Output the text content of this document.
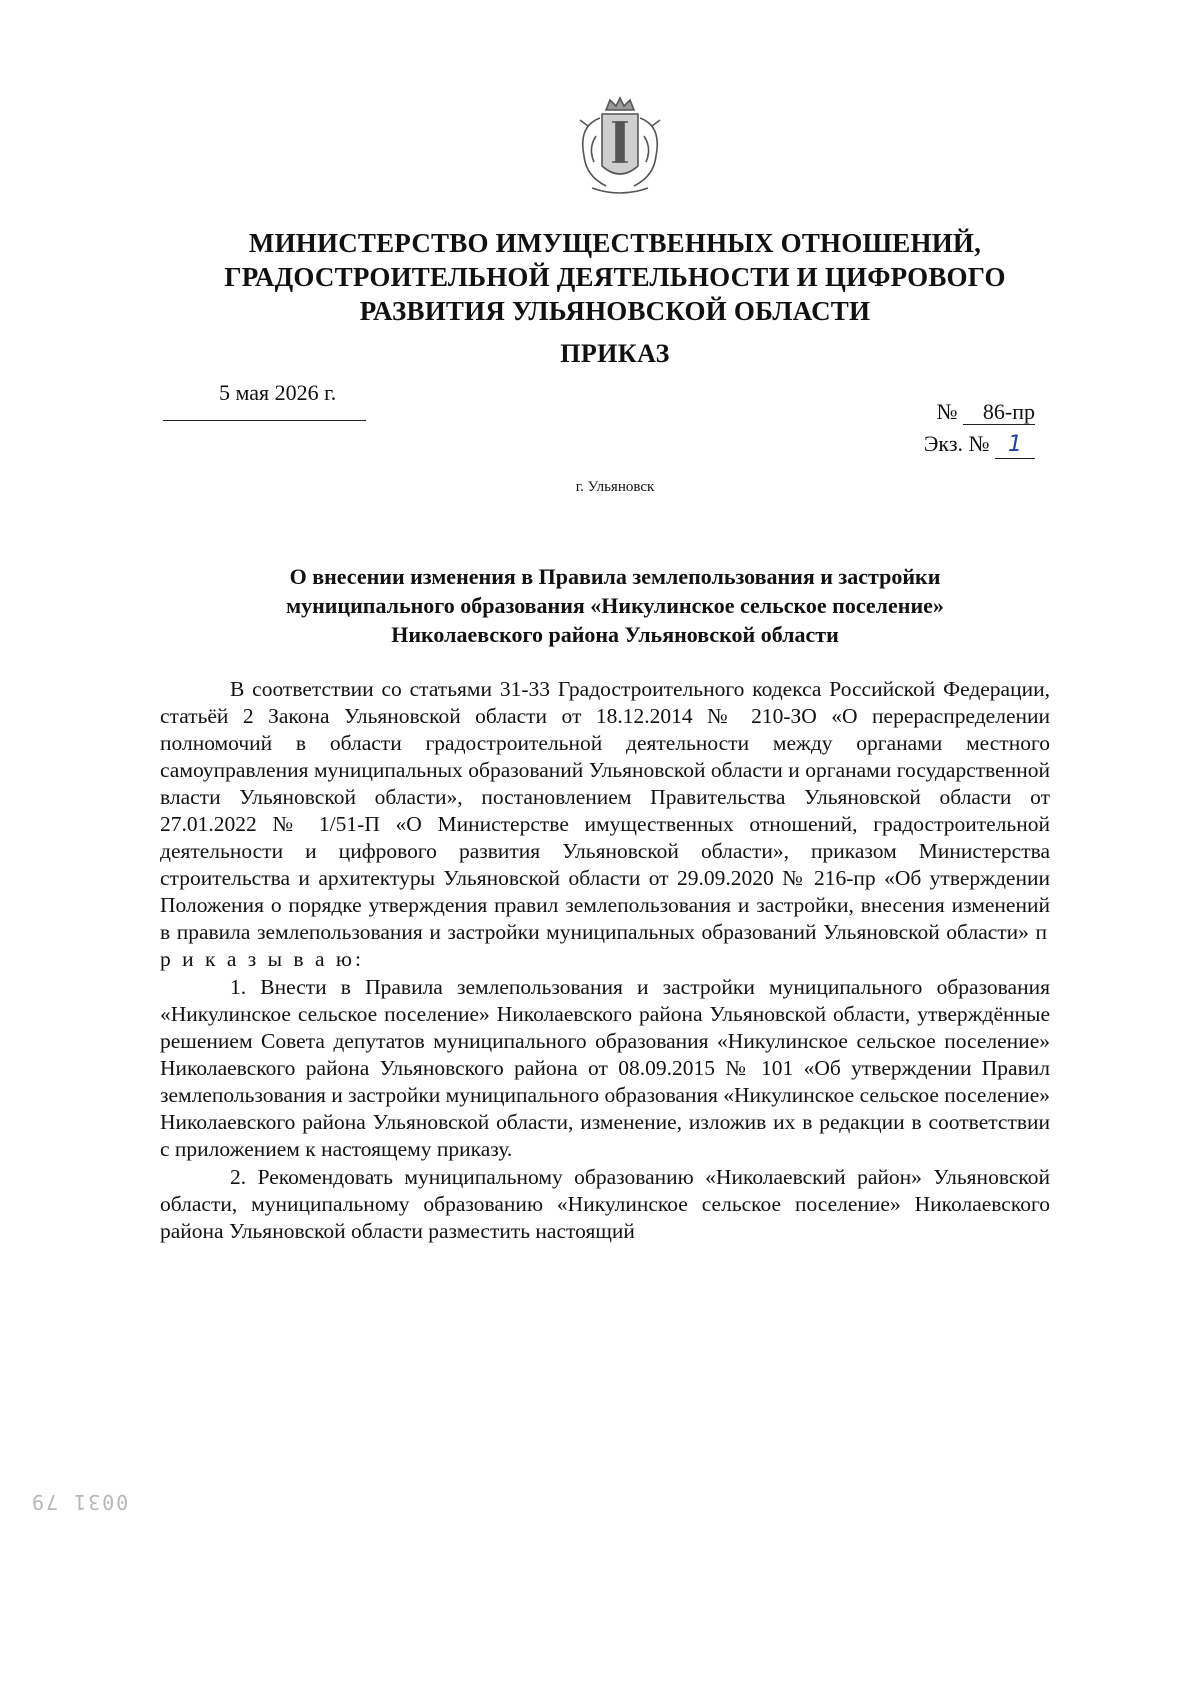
МИНИСТЕРСТВО ИМУЩЕСТВЕННЫХ ОТНОШЕНИЙ,
ГРАДОСТРОИТЕЛЬНОЙ ДЕЯТЕЛЬНОСТИ И ЦИФРОВОГО
РАЗВИТИЯ УЛЬЯНОВСКОЙ ОБЛАСТИ
ПРИКАЗ
5 мая 2026 г.
№ 86-пр
Экз. № 1
г. Ульяновск
О внесении изменения в Правила землепользования и застройки
муниципального образования «Никулинское сельское поселение»
Николаевского района Ульяновской области

В соответствии со статьями 31-33 Градостроительного кодекса Российской Федерации, статьёй 2 Закона Ульяновской области от 18.12.2014 № 210-ЗО «О перераспределении полномочий в области градостроительной деятельности между органами местного самоуправления муниципальных образований Ульяновской области и органами государственной власти Ульяновской области», постановлением Правительства Ульяновской области от 27.01.2022 № 1/51-П «О Министерстве имущественных отношений, градостроительной деятельности и цифрового развития Ульяновской области», приказом Министерства строительства и архитектуры Ульяновской области от 29.09.2020 № 216-пр «Об утверждении Положения о порядке утверждения правил землепользования и застройки, внесения изменений в правила землепользования и застройки муниципальных образований Ульяновской области» п р и к а з ы в а ю:

1. Внести в Правила землепользования и застройки муниципального образования «Никулинское сельское поселение» Николаевского района Ульяновской области, утверждённые решением Совета депутатов муниципального образования «Никулинское сельское поселение» Николаевского района Ульяновского района от 08.09.2015 № 101 «Об утверждении Правил землепользования и застройки муниципального образования «Никулинское сельское поселение» Николаевского района Ульяновской области, изменение, изложив их в редакции в соответствии с приложением к настоящему приказу.

2. Рекомендовать муниципальному образованию «Николаевский район» Ульяновской области, муниципальному образованию «Никулинское сельское поселение» Николаевского района Ульяновской области разместить настоящий

0031 79
